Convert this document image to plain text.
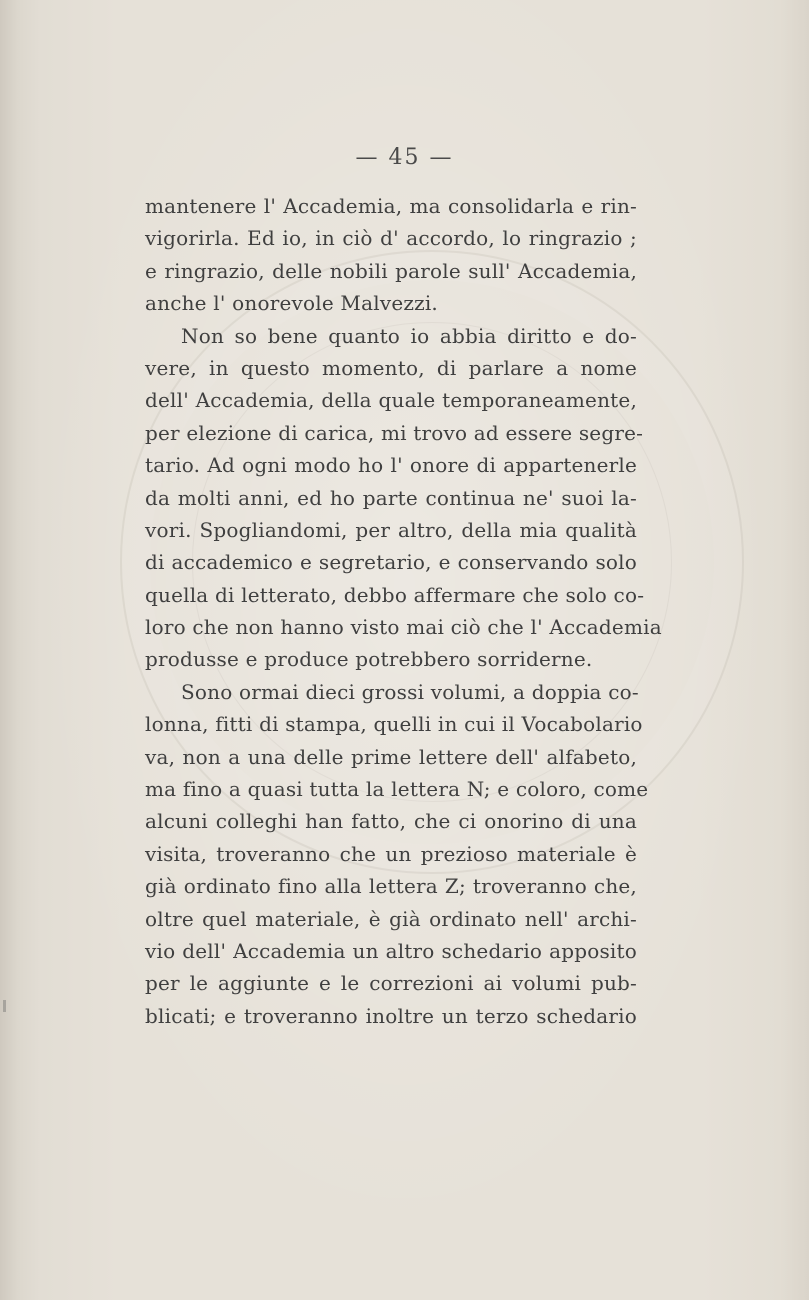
— 45 —
mantenere l' Accademia, ma consolidarla e rin-
vigorirla. Ed io, in ciò d' accordo, lo ringrazio ;
e ringrazio, delle nobili parole sull' Accademia,
anche l' onorevole Malvezzi.
Non so bene quanto io abbia diritto e do-
vere, in questo momento, di parlare a nome
dell' Accademia, della quale temporaneamente,
per elezione di carica, mi trovo ad essere segre-
tario. Ad ogni modo ho l' onore di appartenerle
da molti anni, ed ho parte continua ne' suoi la-
vori. Spogliandomi, per altro, della mia qualità
di accademico e segretario, e conservando solo
quella di letterato, debbo affermare che solo co-
loro che non hanno visto mai ciò che l' Accademia
produsse e produce potrebbero sorriderne.
Sono ormai dieci grossi volumi, a doppia co-
lonna, fitti di stampa, quelli in cui il Vocabolario
va, non a una delle prime lettere dell' alfabeto,
ma fino a quasi tutta la lettera N; e coloro, come
alcuni colleghi han fatto, che ci onorino di una
visita, troveranno che un prezioso materiale è
già ordinato fino alla lettera Z; troveranno che,
oltre quel materiale, è già ordinato nell' archi-
vio dell' Accademia un altro schedario apposito
per le aggiunte e le correzioni ai volumi pub-
blicati; e troveranno inoltre un terzo schedario
